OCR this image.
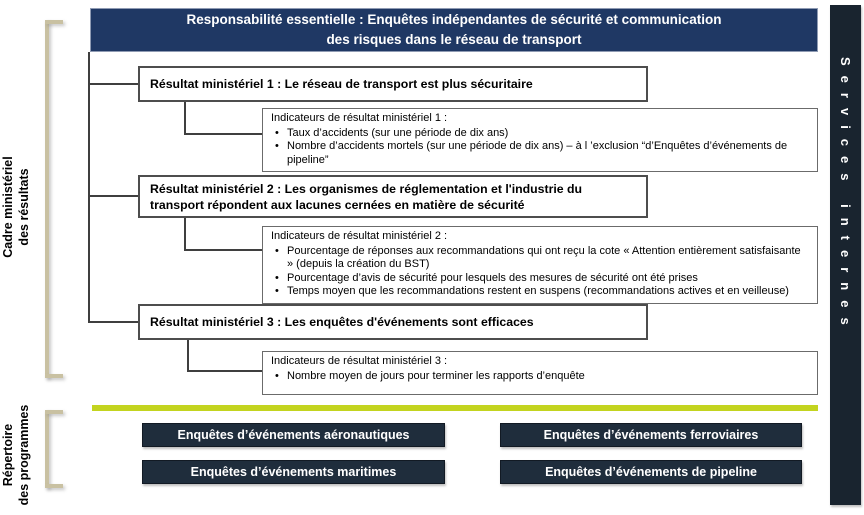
Responsabilité essentielle : Enquêtes indépendantes de sécurité et communication
des risques dans le réseau de transport
Cadre ministériel des résultats
Répertoire des programmes
Résultat ministériel 1 : Le réseau de transport est plus sécuritaire
Indicateurs de résultat ministériel 1 :
• Taux d’accidents (sur une période de dix ans)
• Nombre d’accidents mortels (sur une période de dix ans) – à l ’exclusion “d’Enquêtes d’événements de pipeline”
Résultat ministériel 2 : Les organismes de réglementation et l'industrie du transport répondent aux lacunes cernées en matière de sécurité
Indicateurs de résultat ministériel 2 :
• Pourcentage de réponses aux recommandations qui ont reçu la cote « Attention entièrement satisfaisante » (depuis la création du BST)
• Pourcentage d’avis de sécurité pour lesquels des mesures de sécurité ont été prises
• Temps moyen que les recommandations restent en suspens (recommandations actives et en veilleuse)
Résultat ministériel 3 : Les enquêtes d'événements sont efficaces
Indicateurs de résultat ministériel 3 :
• Nombre moyen de jours pour terminer les rapports d’enquête
Enquêtes d’événements aéronautiques	Enquêtes d’événements ferroviaires
Enquêtes d’événements maritimes	Enquêtes d’événements de pipeline
Services internes
